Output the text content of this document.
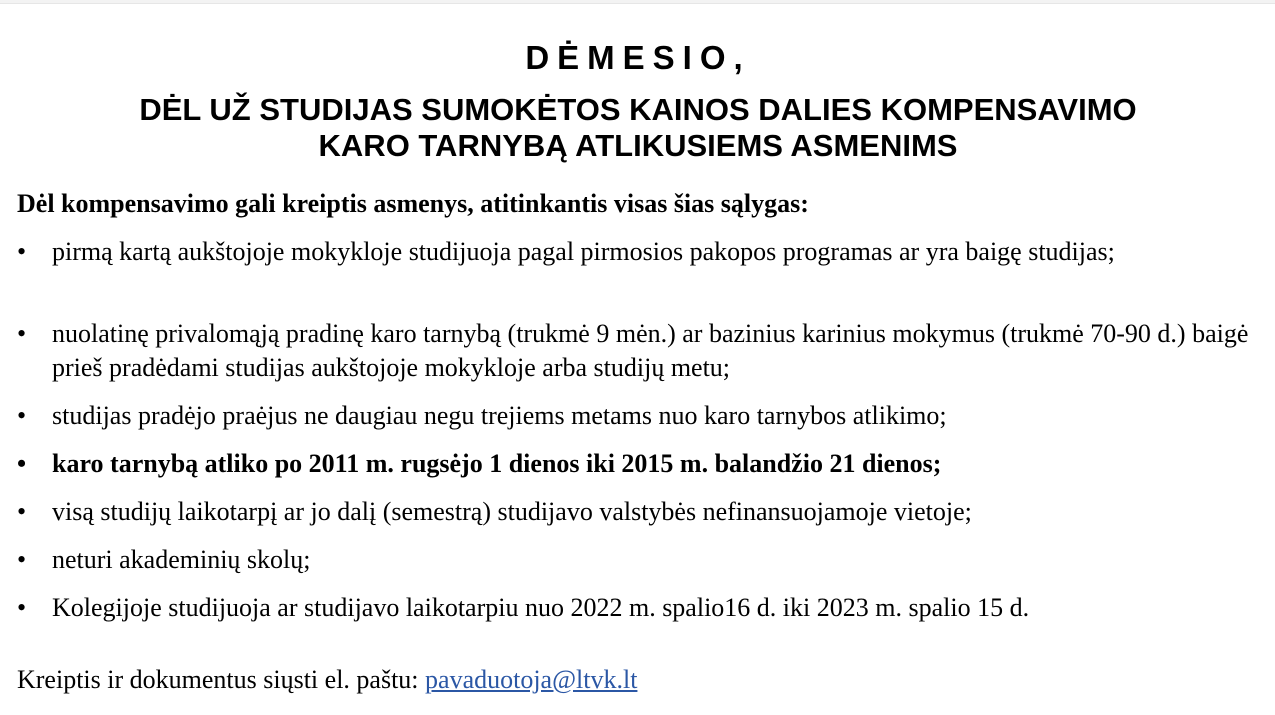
DĖMESIO,
DĖL UŽ STUDIJAS SUMOKĖTOS KAINOS DALIES KOMPENSAVIMO
KARO TARNYBĄ ATLIKUSIEMS ASMENIMS

Dėl kompensavimo gali kreiptis asmenys, atitinkantis visas šias sąlygas:

• pirmą kartą aukštojoje mokykloje studijuoja pagal pirmosios pakopos programas ar yra baigę studijas;
• nuolatinę privalomąją pradinę karo tarnybą (trukmė 9 mėn.) ar bazinius karinius mokymus (trukmė 70-90 d.) baigė prieš pradėdami studijas aukštojoje mokykloje arba studijų metu;
• studijas pradėjo praėjus ne daugiau negu trejiems metams nuo karo tarnybos atlikimo;
• karo tarnybą atliko po 2011 m. rugsėjo 1 dienos iki 2015 m. balandžio 21 dienos;
• visą studijų laikotarpį ar jo dalį (semestrą) studijavo valstybės nefinansuojamoje vietoje;
• neturi akademinių skolų;
• Kolegijoje studijuoja ar studijavo laikotarpiu nuo 2022 m. spalio16 d. iki 2023 m. spalio 15 d.

Kreiptis ir dokumentus siųsti el. paštu: pavaduotoja@ltvk.lt
